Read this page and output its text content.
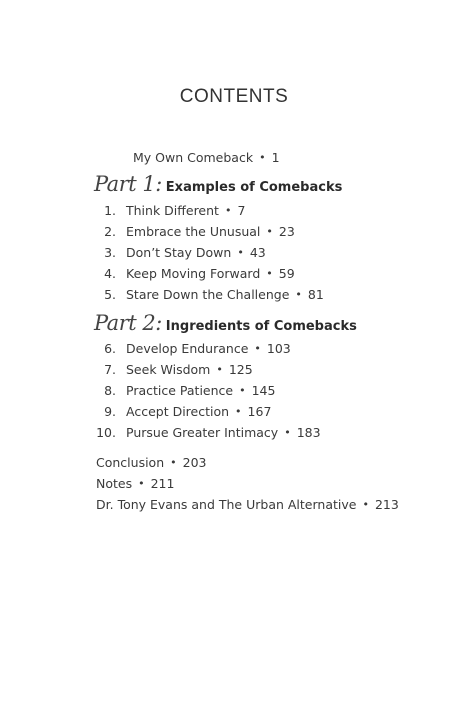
CONTENTS
My Own Comeback • 1
Part 1: Examples of Comebacks
1. Think Different • 7
2. Embrace the Unusual • 23
3. Don’t Stay Down • 43
4. Keep Moving Forward • 59
5. Stare Down the Challenge • 81
Part 2: Ingredients of Comebacks
6. Develop Endurance • 103
7. Seek Wisdom • 125
8. Practice Patience • 145
9. Accept Direction • 167
10. Pursue Greater Intimacy • 183
Conclusion • 203
Notes • 211
Dr. Tony Evans and The Urban Alternative • 213
